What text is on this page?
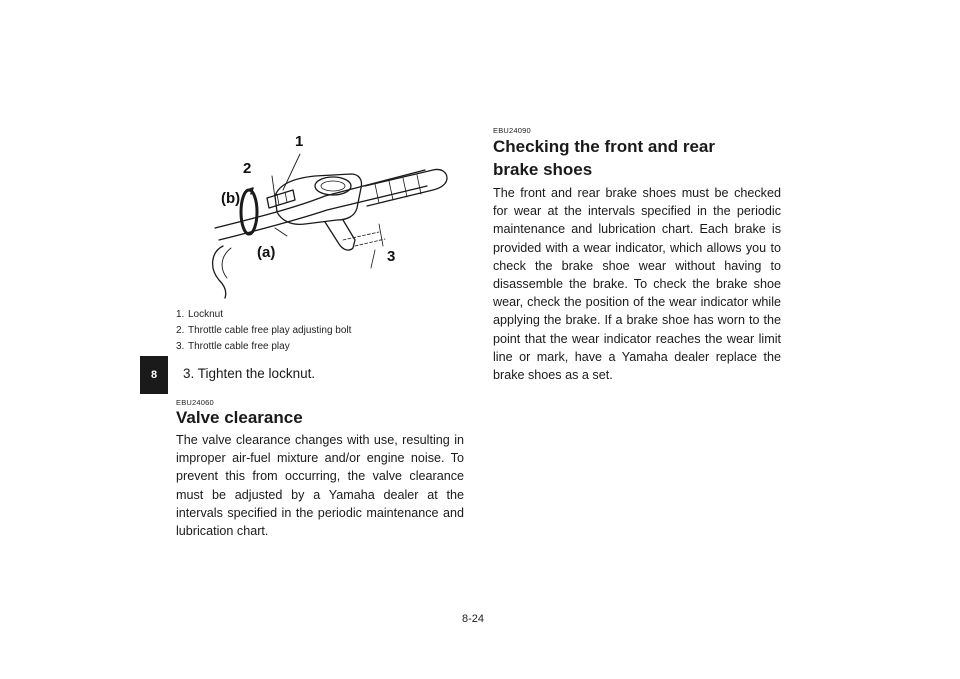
8
1
2
3
(a)
(b)
1. Locknut
2. Throttle cable free play adjusting bolt
3. Throttle cable free play
3. Tighten the locknut.
EBU24060
Valve clearance
The valve clearance changes with use, resulting in improper air-fuel mixture and/or engine noise. To prevent this from occurring, the valve clearance must be adjusted by a Yamaha dealer at the intervals specified in the periodic maintenance and lubrication chart.
EBU24090
Checking the front and rear brake shoes
The front and rear brake shoes must be checked for wear at the intervals specified in the periodic maintenance and lubrication chart. Each brake is provided with a wear indicator, which allows you to check the brake shoe wear without having to disassemble the brake. To check the brake shoe wear, check the position of the wear indicator while applying the brake. If a brake shoe has worn to the point that the wear indicator reaches the wear limit line or mark, have a Yamaha dealer replace the brake shoes as a set.
8-24
